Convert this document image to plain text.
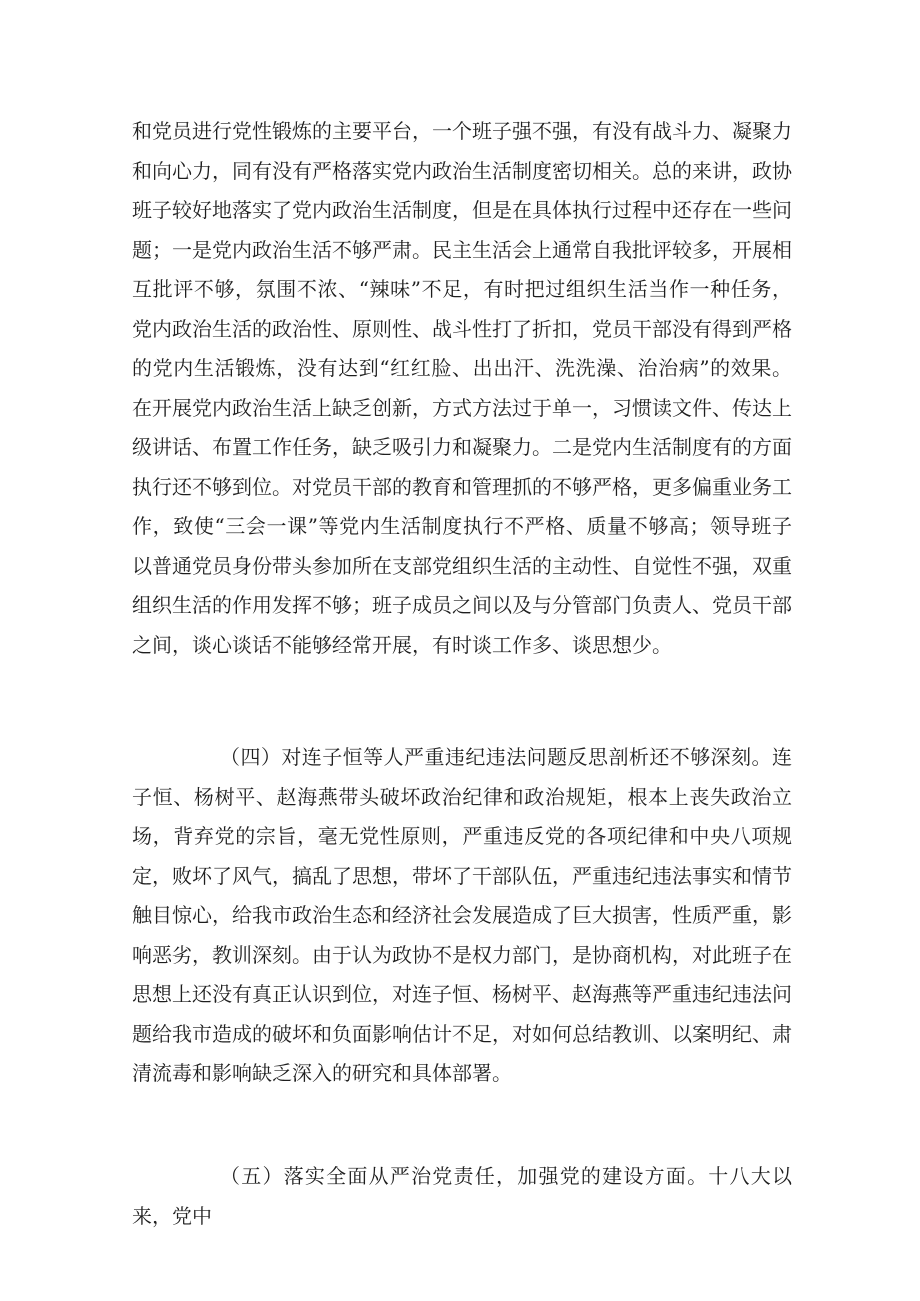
和党员进行党性锻炼的主要平台，一个班子强不强，有没有战斗力、凝聚力和向心力，同有没有严格落实党内政治生活制度密切相关。总的来讲，政协班子较好地落实了党内政治生活制度，但是在具体执行过程中还存在一些问题；一是党内政治生活不够严肃。民主生活会上通常自我批评较多，开展相互批评不够，氛围不浓、“辣味”不足，有时把过组织生活当作一种任务，党内政治生活的政治性、原则性、战斗性打了折扣，党员干部没有得到严格的党内生活锻炼，没有达到“红红脸、出出汗、洗洗澡、治治病”的效果。在开展党内政治生活上缺乏创新，方式方法过于单一，习惯读文件、传达上级讲话、布置工作任务，缺乏吸引力和凝聚力。二是党内生活制度有的方面执行还不够到位。对党员干部的教育和管理抓的不够严格，更多偏重业务工作，致使“三会一课”等党内生活制度执行不严格、质量不够高；领导班子以普通党员身份带头参加所在支部党组织生活的主动性、自觉性不强，双重组织生活的作用发挥不够；班子成员之间以及与分管部门负责人、党员干部之间，谈心谈话不能够经常开展，有时谈工作多、谈思想少。

（四）对连子恒等人严重违纪违法问题反思剖析还不够深刻。连子恒、杨树平、赵海燕带头破坏政治纪律和政治规矩，根本上丧失政治立场，背弃党的宗旨，毫无党性原则，严重违反党的各项纪律和中央八项规定，败坏了风气，搞乱了思想，带坏了干部队伍，严重违纪违法事实和情节触目惊心，给我市政治生态和经济社会发展造成了巨大损害，性质严重，影响恶劣，教训深刻。由于认为政协不是权力部门，是协商机构，对此班子在思想上还没有真正认识到位，对连子恒、杨树平、赵海燕等严重违纪违法问题给我市造成的破坏和负面影响估计不足，对如何总结教训、以案明纪、肃清流毒和影响缺乏深入的研究和具体部署。

（五）落实全面从严治党责任，加强党的建设方面。十八大以来，党中
